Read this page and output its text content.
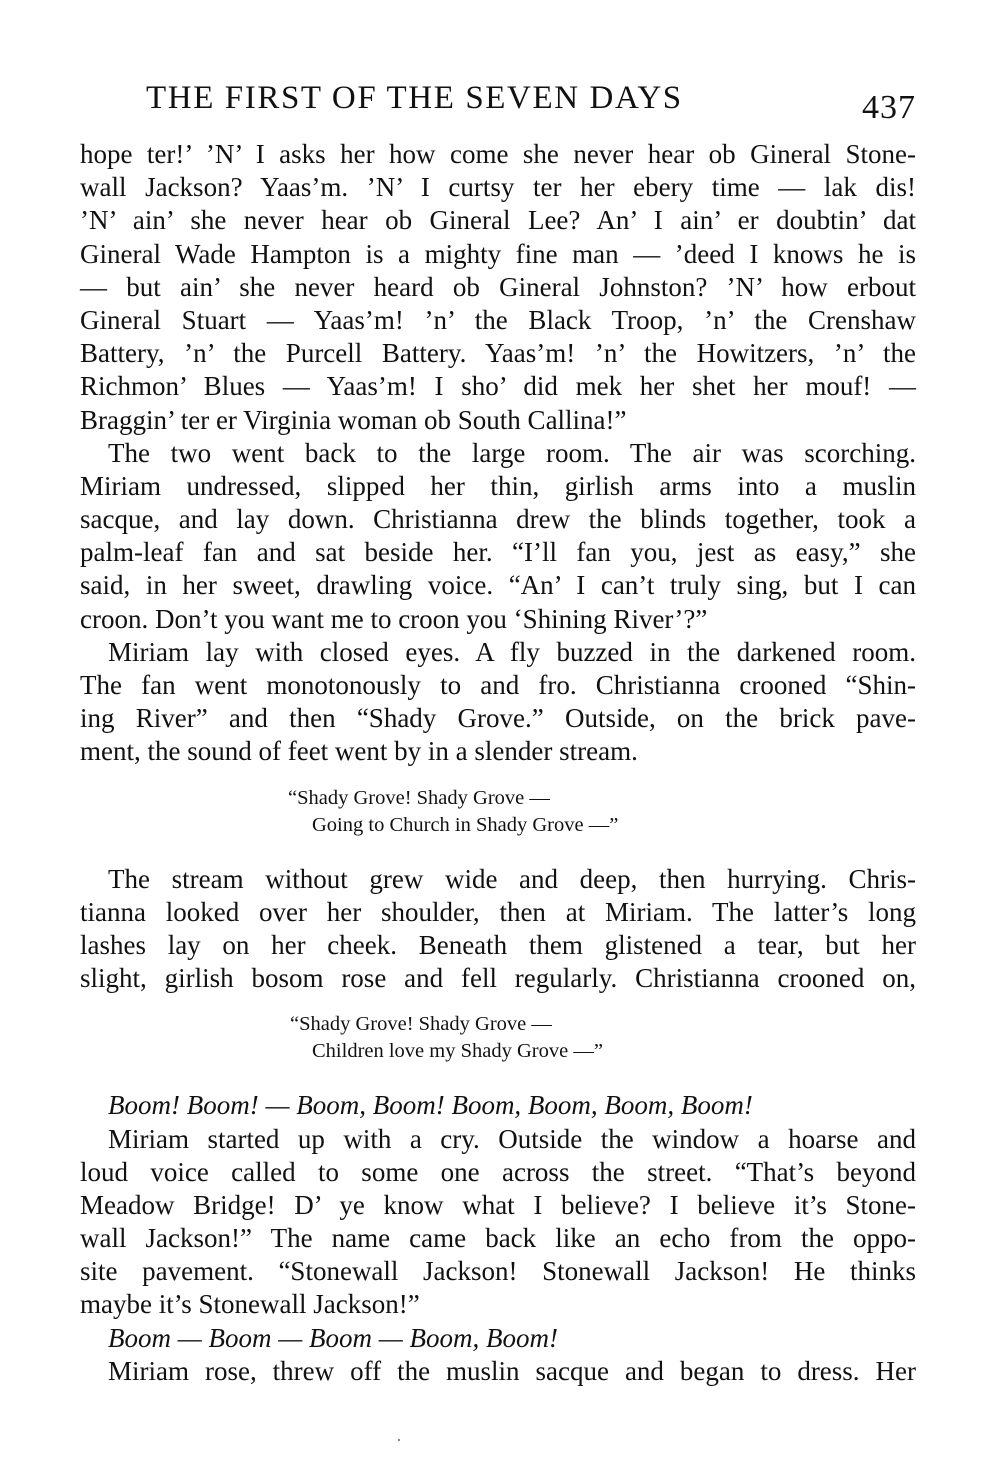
THE FIRST OF THE SEVEN DAYS	437
hope ter!’ ’N’ I asks her how come she never hear ob Gineral Stone-
wall Jackson? Yaas’m. ’N’ I curtsy ter her ebery time — lak dis!
’N’ ain’ she never hear ob Gineral Lee? An’ I ain’ er doubtin’ dat
Gineral Wade Hampton is a mighty fine man — ’deed I knows he is
— but ain’ she never heard ob Gineral Johnston? ’N’ how erbout
Gineral Stuart — Yaas’m! ’n’ the Black Troop, ’n’ the Crenshaw
Battery, ’n’ the Purcell Battery. Yaas’m! ’n’ the Howitzers, ’n’ the
Richmon’ Blues — Yaas’m! I sho’ did mek her shet her mouf! —
Braggin’ ter er Virginia woman ob South Callina!”
The two went back to the large room. The air was scorching.
Miriam undressed, slipped her thin, girlish arms into a muslin
sacque, and lay down. Christianna drew the blinds together, took a
palm-leaf fan and sat beside her. “I’ll fan you, jest as easy,” she
said, in her sweet, drawling voice. “An’ I can’t truly sing, but I can
croon. Don’t you want me to croon you ‘Shining River’?”
Miriam lay with closed eyes. A fly buzzed in the darkened room.
The fan went monotonously to and fro. Christianna crooned “Shin-
ing River” and then “Shady Grove.” Outside, on the brick pave-
ment, the sound of feet went by in a slender stream.
“Shady Grove! Shady Grove —
Going to Church in Shady Grove —”
The stream without grew wide and deep, then hurrying. Chris-
tianna looked over her shoulder, then at Miriam. The latter’s long
lashes lay on her cheek. Beneath them glistened a tear, but her
slight, girlish bosom rose and fell regularly. Christianna crooned on,
“Shady Grove! Shady Grove —
Children love my Shady Grove —”
Boom! Boom! — Boom, Boom! Boom, Boom, Boom, Boom!
Miriam started up with a cry. Outside the window a hoarse and
loud voice called to some one across the street. “That’s beyond
Meadow Bridge! D’ ye know what I believe? I believe it’s Stone-
wall Jackson!” The name came back like an echo from the oppo-
site pavement. “Stonewall Jackson! Stonewall Jackson! He thinks
maybe it’s Stonewall Jackson!”
Boom — Boom — Boom — Boom, Boom!
Miriam rose, threw off the muslin sacque and began to dress. Her
